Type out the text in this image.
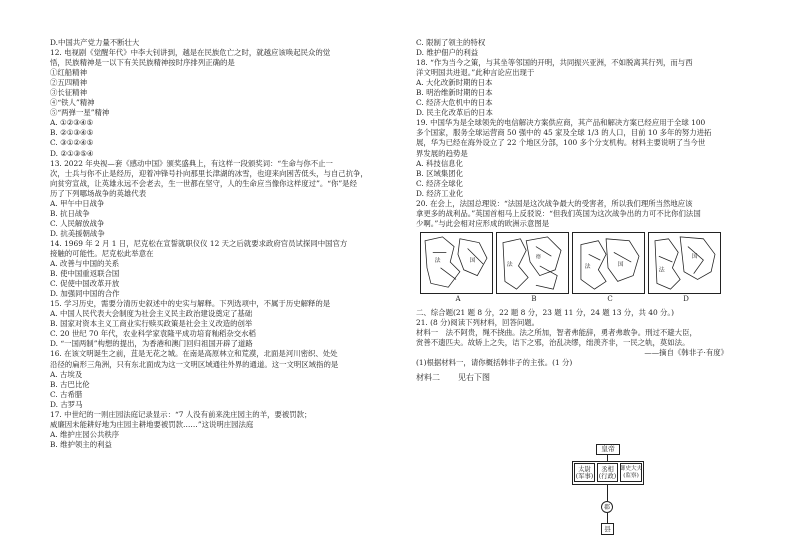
D.中国共产党力量不断壮大
12. 电视剧《觉醒年代》中李大钊讲到，越是在民族危亡之时，就越应该唤起民众的觉
悟，民族精神是一以下有关民族精神按时序排列正确的是
①红船精神
②五四精神
③长征精神
④“铁人”精神
⑤“两弹一星”精神
A. ①②③④⑤
B. ②①③④⑤
C. ③①②④⑤
D. ②①③⑤④
13. 2022 年央视—套《感动中国》颁奖盛典上，有这样一段颁奖词：“生命与你不止一
次，士兵与你不止是经历，迎着冲锋号扑向那里长津湖的冰雪，也迎来向困苦低头，与自己抗争，
向贫穷宣战，让英雄永远不会老去，生一世都在坚守，人的生命应当像你这样度过”。“你”是经
历了下列哪场战争的英雄代表
A. 甲午中日战争
B. 抗日战争
C. 人民解放战争
D. 抗美援朝战争
14. 1969 年 2 月 1 日，尼克松在宣誓就职仪仪 12 天之后就要求政府官员试探同中国官方
接触的可能性。尼克松此举意在
A. 改善与中国的关系
B. 使中国重返联合国
C. 促使中国改革开放
D. 加强同中国的合作
15. 学习历史，需要分清历史叙述中的史实与解释。下列选项中，不属于历史解释的是
A. 中国人民代表大会制度为社会主义民主政治建设奠定了基础
B. 国家对资本主义工商业实行赎买政策是社会主义改造的创举
C. 20 世纪 70 年代，农业科学家袁隆平成功培育籼稻杂交水稻
D. “一国两制”构想的提出，为香港和澳门回归祖国开辟了道路
16. 在该文明诞生之前，苴是无花之城。在南是高原林立和荒漠，北面是河川密织、处处
沿径的扁形三角洲，只有东北面成为这一文明区域通往外界的通道。这一文明区域指的是
A. 古埃及
B. 古巴比伦
C. 古希腊
D. 古罗马
17. 中世纪的一则庄园法庭记录显示：“7 人没有前来洗庄园主的羊，要被罚款；
威廉因未能耕好地为庄园主耕地要被罚款……”这说明庄园法庭
A. 维护庄园公共秩序
B. 维护领主的利益
C. 限制了领主的特权
D. 维护佃户的利益
18. “作为当今之策，与其坐等邻国的开明，共同振兴亚洲，不如脱离其行列，而与西
洋文明国共进退。”此种言论应出现于
A. 大化改新时期的日本
B. 明治维新时期的日本
C. 经济大危机中的日本
D. 民主化改革后的日本
19. 中国华为是全球领先的电信解决方案供应商，其产品和解决方案已经应用于全球 100
多个国家，服务全球运营商 50 强中的 45 家及全球 1/3 的人口，目前 10 多年的努力进拓
展，华为已经在海外设立了 22 个地区分部，100 多个分支机构。材料主要说明了当今世
界发展的趋势是
A. 科技信息化
B. 区域集团化
C. 经济全球化
D. 经济工业化
20. 在会上，法国总理说：“法国是这次战争最大的受害者，所以我们理所当然地应该
拿更多的战利品。”英国首相马上反驳说：“但我们英国为这次战争出的力可不比你们法国
少啊。”与此会相对应形成的欧洲示意图是
法	国
法
德
法	国
法
国
A	B	C	D
二、综合题(21 题 8 分，22 题 8 分，23 题 11 分，24 题 13 分，共 40 分。)
21. (8 分)阅读下列材料，回答问题。
材料一　法不阿贵，绳不挠曲。法之所加，智者弗能辞，勇者弗敢争。刑过不避大臣，
赏善不遗匹夫。故矫上之失，诘下之邪，治乱决缪，绌羡齐非，一民之轨，莫如法。
——摘自《韩非子·有度》
(1)根据材料一，请你概括韩非子的主张。(1 分)
材料二 见右下图
皇帝
太尉
(军事)
丞相
(行政)
御史大夫
(监察)
郡
县
